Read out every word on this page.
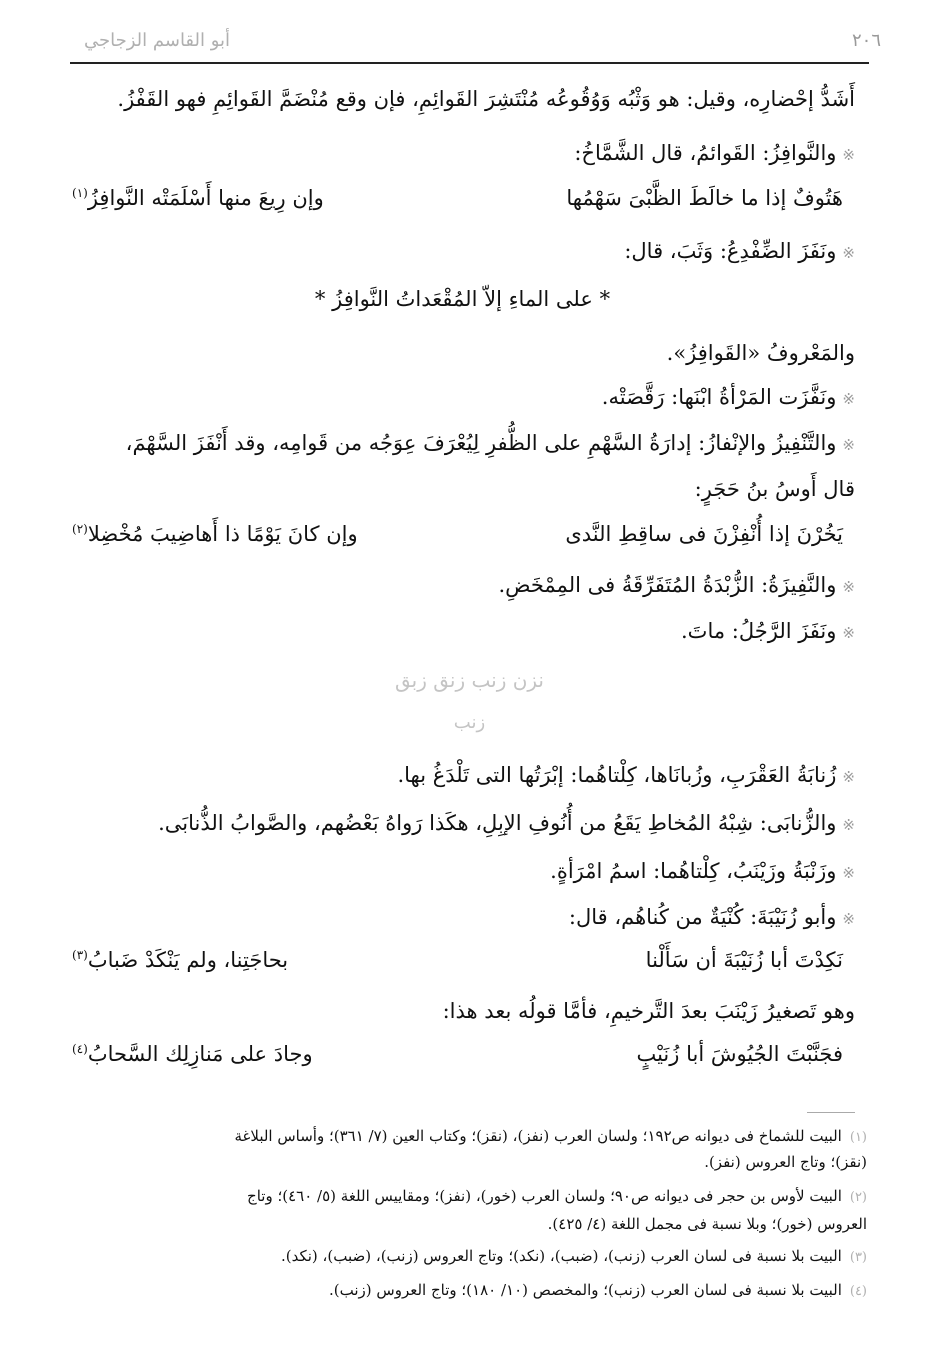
٢٠٦
أبو القاسم الزجاجي
أَشَدُّ إحْضارِه، وقيل: هو وَثْبُه وَوُقُوعُه مُنْتَشِرَ القَوائِمِ، فإن وقع مُنْضَمَّ القَوائِمِ فهو القَفْزُ.
※والنَّوافِزُ: القَوائمُ، قال الشَّمَّاخُ:
هَتُوفٌ إذا ما خالَطَ الظَّبْىَ سَهْمُها
وإن رِيعَ منها أَسْلَمَتْه النَّوافِزُ$^{(١)}$
※ونَفَزَ الضِّفْدِعُ: وَثَبَ، قال:
* على الماءِ إلاّ المُقْعَداتُ النَّوافِزُ *
والمَعْروفُ «القَوافِزُ».
※ونَفَّزَت المَرْأةُ ابْنَها: رَقَّصَتْه.
※والتَّنْفِيزُ والإنْفازُ: إدارَةُ السَّهْمِ على الظُّفرِ لِيُعْرَفَ عِوَجُه من قَوامِه، وقد أَنْفَزَ السَّهْمَ،
قال أَوسُ بنُ حَجَرٍ:
يَخُرْنَ إذا أُنْفِزْنَ فى ساقِطِ النَّدى
وإن كانَ يَوْمًا ذا أَهاضِيبَ مُخْضِلا$^{(٢)}$
※والنَّفِيزَةُ: الزُّبْدَةُ المُتَفَرِّقَةُ فى المِمْخَضِ.
※ونَفَزَ الرَّجُلُ: ماتَ.
نزن زنب زنق زبق
زنب
※زُنابَةُ العَقْرَبِ، وزُبانَاها، كِلْتاهُما: إبْرَتُها التى تَلْدَغُ بها.
※والزُّنابَى: شِبْهُ المُخاطِ يَقَعُ من أُنُوفِ الإبِلِ، هكَذا رَواهُ بَعْضُهم، والصَّوابُ الذُّنابَى.
※وزَنْبَةُ وزَيْنَبُ، كِلْتاهُما: اسمُ امْرَأةٍ.
※وأبو زُنَيْبَةَ: كُنْيَةٌ من كُناهُم، قال:
نَكِدْتَ أبا زُنَيْبَةَ أن سَأَلْنا
بحاجَتِنا، ولم يَنْكَدْ ضَبابُ$^{(٣)}$
وهو تَصغيرُ زَيْنَبَ بعدَ التَّرخيمِ، فأمَّا قولُه بعد هذا:
فجَنَّبْتَ الجُيُوشَ أبا زُنَيْبٍ
وجادَ على مَنازِلِك السَّحابُ$^{(٤)}$
(١)البيت للشماخ فى ديوانه ص١٩٢؛ ولسان العرب (نفز)، (نقز)؛ وكتاب العين (٧/ ٣٦١)؛ وأساس البلاغة
(نقز)؛ وتاج العروس (نفز).
(٢)البيت لأوس بن حجر فى ديوانه ص٩٠؛ ولسان العرب (خور)، (نفز)؛ ومقاييس اللغة (٥/ ٤٦٠)؛ وتاج
العروس (خور)؛ وبلا نسبة فى مجمل اللغة (٤/ ٤٢٥).
(٣)البيت بلا نسبة فى لسان العرب (زنب)، (ضبب)، (نكد)؛ وتاج العروس (زنب)، (ضبب)، (نكد).
(٤)البيت بلا نسبة فى لسان العرب (زنب)؛ والمخصص (١٠/ ١٨٠)؛ وتاج العروس (زنب).
